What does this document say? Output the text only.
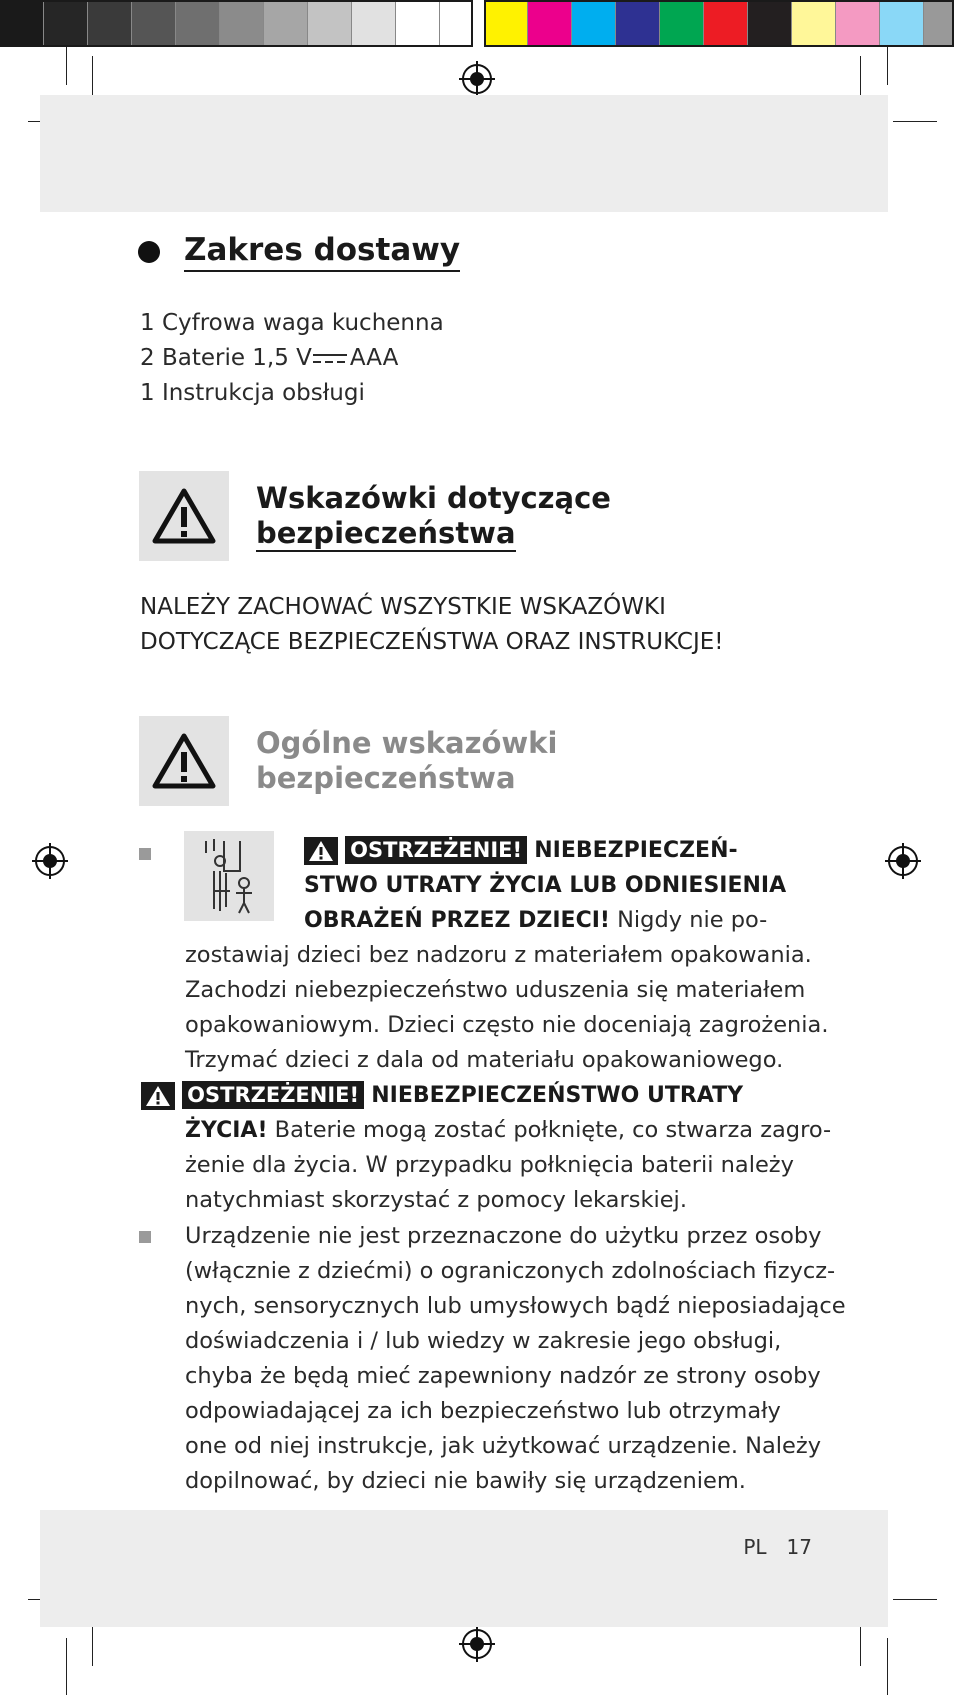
Zakres dostawy
1 Cyfrowa waga kuchenna
2 Baterie 1,5 V AAA
1 Instrukcja obsługi
Wskazówki dotyczące
bezpieczeństwa
NALEŻY ZACHOWAĆ WSZYSTKIE WSKAZÓWKI
DOTYCZĄCE BEZPIECZEŃSTWA ORAZ INSTRUKCJE!
Ogólne wskazówki
bezpieczeństwa
OSTRZEŻENIE! NIEBEZPIECZEŃ-
STWO UTRATY ŻYCIA LUB ODNIESIENIA
OBRAŻEŃ PRZEZ DZIECI! Nigdy nie po-
zostawiaj dzieci bez nadzoru z materiałem opakowania.
Zachodzi niebezpieczeństwo uduszenia się materiałem
opakowaniowym. Dzieci często nie doceniają zagrożenia.
Trzymać dzieci z dala od materiału opakowaniowego.
OSTRZEŻENIE! NIEBEZPIECZEŃSTWO UTRATY
ŻYCIA! Baterie mogą zostać połknięte, co stwarza zagro-
żenie dla życia. W przypadku połknięcia baterii należy
natychmiast skorzystać z pomocy lekarskiej.
Urządzenie nie jest przeznaczone do użytku przez osoby
(włącznie z dziećmi) o ograniczonych zdolnościach fizycz-
nych, sensorycznych lub umysłowych bądź nieposiadające
doświadczenia i / lub wiedzy w zakresie jego obsługi,
chyba że będą mieć zapewniony nadzór ze strony osoby
odpowiadającej za ich bezpieczeństwo lub otrzymały
one od niej instrukcje, jak użytkować urządzenie. Należy
dopilnować, by dzieci nie bawiły się urządzeniem.
PL 17
